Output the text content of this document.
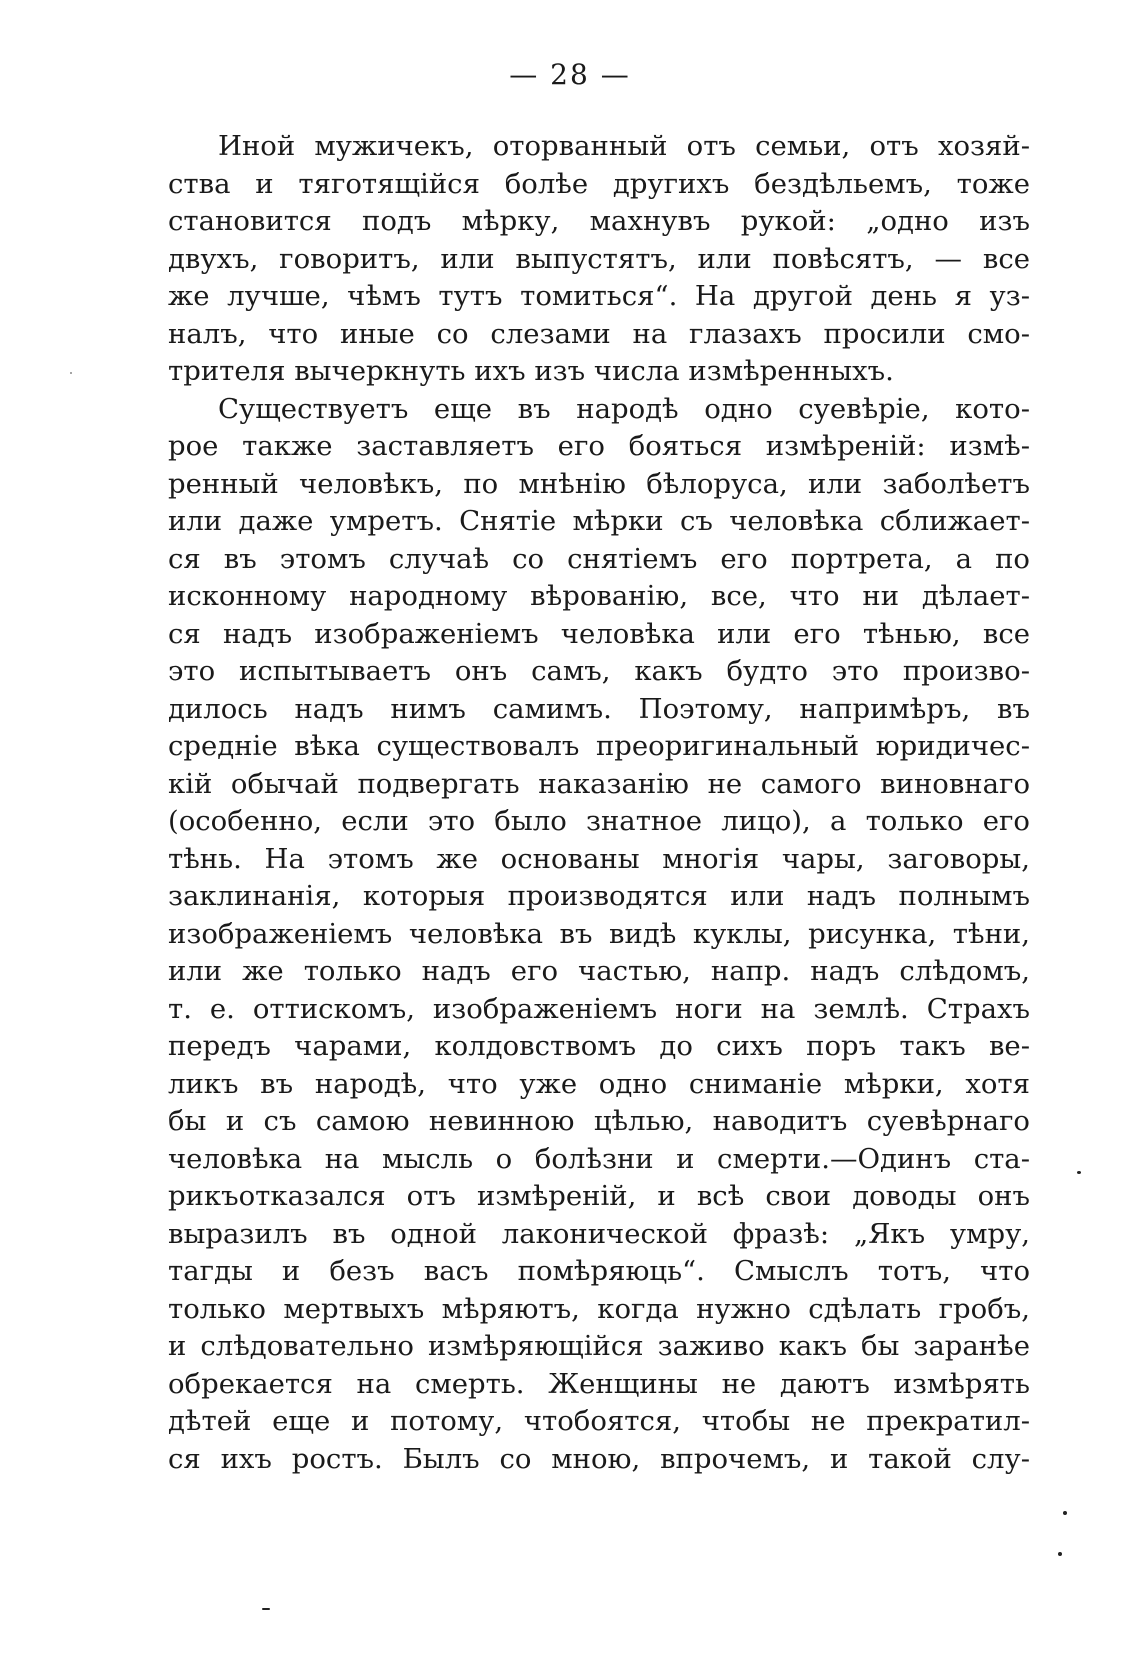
— 28 —
Иной мужичекъ, оторванный отъ семьи, отъ хозяй-
ства и тяготящійся болѣе другихъ бездѣльемъ, тоже
становится подъ мѣрку, махнувъ рукой: „одно изъ
двухъ, говоритъ, или выпустятъ, или повѣсятъ, — все
же лучше, чѣмъ тутъ томиться“. На другой день я уз-
налъ, что иные со слезами на глазахъ просили смо-
трителя вычеркнуть ихъ изъ числа измѣренныхъ.
Существуетъ еще въ народѣ одно суевѣріе, кото-
рое также заставляетъ его бояться измѣреній: измѣ-
ренный человѣкъ, по мнѣнію бѣлоруса, или заболѣетъ
или даже умретъ. Снятіе мѣрки съ человѣка сближает-
ся въ этомъ случаѣ со снятіемъ его портрета, а по
исконному народному вѣрованію, все, что ни дѣлает-
ся надъ изображеніемъ человѣка или его тѣнью, все
это испытываетъ онъ самъ, какъ будто это произво-
дилось надъ нимъ самимъ. Поэтому, напримѣръ, въ
средніе вѣка существовалъ преоригинальный юридичес-
кій обычай подвергать наказанію не самого виновнаго
(особенно, если это было знатное лицо), а только его
тѣнь. На этомъ же основаны многія чары, заговоры,
заклинанія, которыя производятся или надъ полнымъ
изображеніемъ человѣка въ видѣ куклы, рисунка, тѣни,
или же только надъ его частью, напр. надъ слѣдомъ,
т. е. оттискомъ, изображеніемъ ноги на землѣ. Страхъ
передъ чарами, колдовствомъ до сихъ поръ такъ ве-
ликъ въ народѣ, что уже одно сниманіе мѣрки, хотя
бы и съ самою невинною цѣлью, наводитъ суевѣрнаго
человѣка на мысль о болѣзни и смерти.—Одинъ ста-
рикъотказался отъ измѣреній, и всѣ свои доводы онъ
выразилъ въ одной лаконической фразѣ: „Якъ умру,
тагды и безъ васъ помѣряюць“. Смыслъ тотъ, что
только мертвыхъ мѣряютъ, когда нужно сдѣлать гробъ,
и слѣдовательно измѣряющійся заживо какъ бы заранѣе
обрекается на смерть. Женщины не даютъ измѣрять
дѣтей еще и потому, чтобоятся, чтобы не прекратил-
ся ихъ ростъ. Былъ со мною, впрочемъ, и такой слу-
